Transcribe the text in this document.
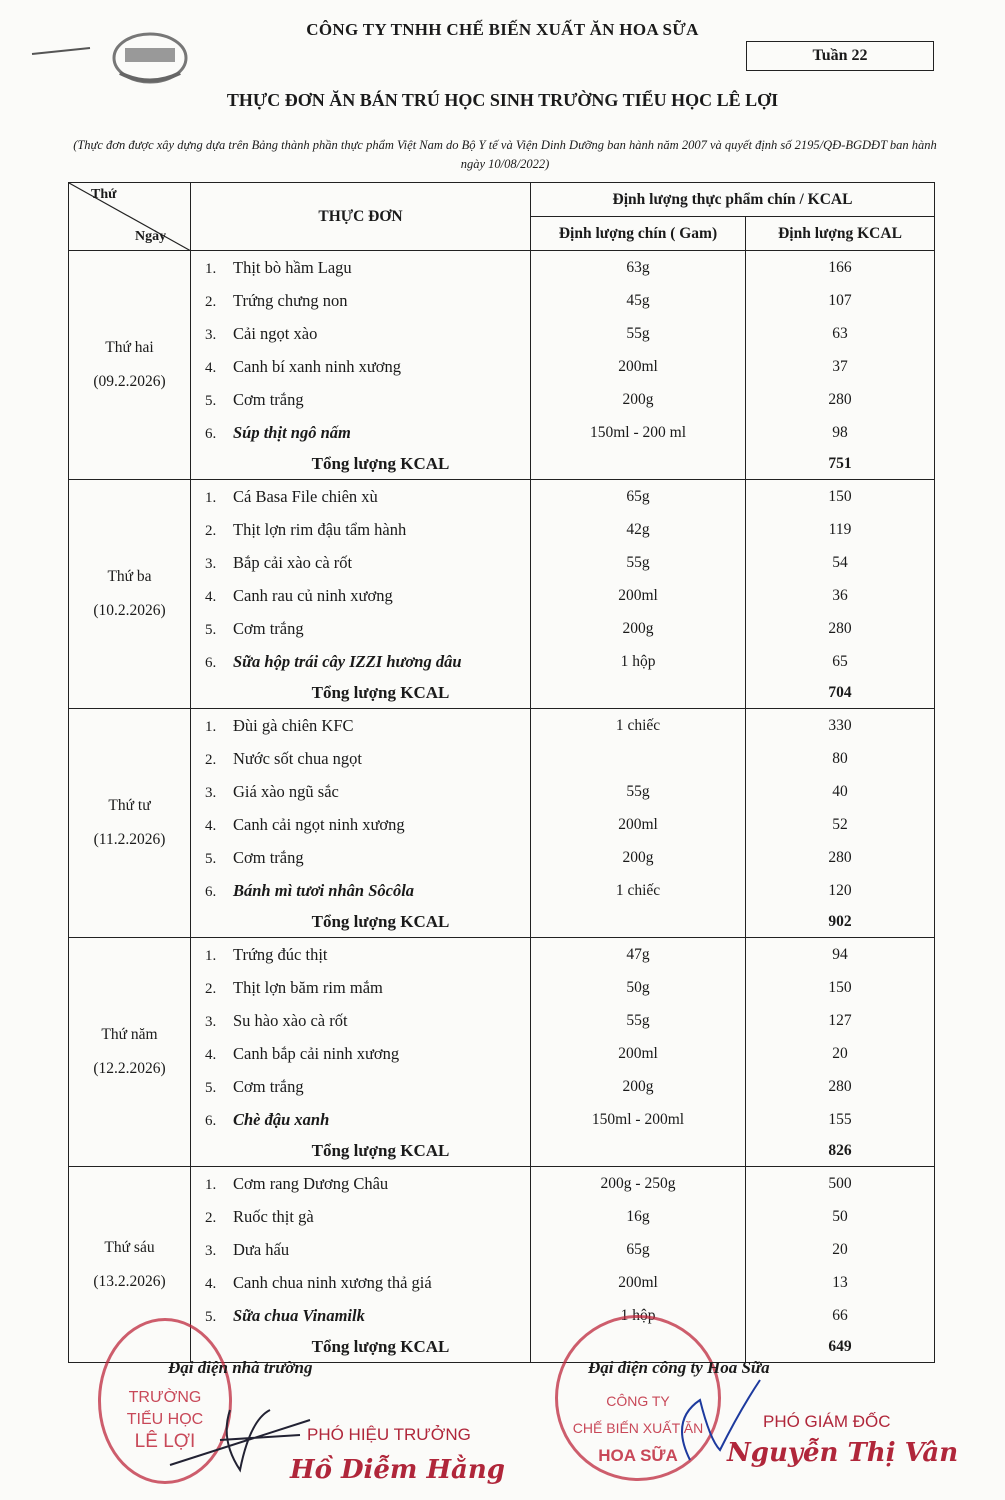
CÔNG TY TNHH CHẾ BIẾN XUẤT ĂN HOA SỮA
Tuần 22
THỰC ĐƠN ĂN BÁN TRÚ HỌC SINH TRƯỜNG TIỂU HỌC LÊ LỢI
(Thực đơn được xây dựng dựa trên Bảng thành phần thực phẩm Việt Nam do Bộ Y tế và Viện Dinh Dưỡng ban hành năm 2007 và quyết định số 2195/QĐ-BGDĐT ban hành ngày 10/08/2022)
Thứ
Ngày	THỰC ĐƠN	Định lượng thực phẩm chín / KCAL	
		Định lượng chín ( Gam)	Định lượng KCAL

Thứ hai
(09.2.2026)	1. Thịt bò hầm Lagu	63g	166
	2. Trứng chưng non	45g	107
	3. Cải ngọt xào	55g	63
	4. Canh bí xanh ninh xương	200ml	37
	5. Cơm trắng	200g	280
	6. Súp thịt ngô nấm	150ml - 200 ml	98
	Tổng lượng KCAL		751

Thứ ba
(10.2.2026)	1. Cá Basa File chiên xù	65g	150
	2. Thịt lợn rim đậu tẩm hành	42g	119
	3. Bắp cải xào cà rốt	55g	54
	4. Canh rau củ ninh xương	200ml	36
	5. Cơm trắng	200g	280
	6. Sữa hộp trái cây IZZI hương dâu	1 hộp	65
	Tổng lượng KCAL		704

Thứ tư
(11.2.2026)	1. Đùi gà chiên KFC	1 chiếc	330
	2. Nước sốt chua ngọt		80
	3. Giá xào ngũ sắc	55g	40
	4. Canh cải ngọt ninh xương	200ml	52
	5. Cơm trắng	200g	280
	6. Bánh mì tươi nhân Sôcôla	1 chiếc	120
	Tổng lượng KCAL		902

Thứ năm
(12.2.2026)	1. Trứng đúc thịt	47g	94
	2. Thịt lợn băm rim mắm	50g	150
	3. Su hào xào cà rốt	55g	127
	4. Canh bắp cải ninh xương	200ml	20
	5. Cơm trắng	200g	280
	6. Chè đậu xanh	150ml - 200ml	155
	Tổng lượng KCAL		826

Thứ sáu
(13.2.2026)	1. Cơm rang Dương Châu	200g - 250g	500
	2. Ruốc thịt gà	16g	50
	3. Dưa hấu	65g	20
	4. Canh chua ninh xương thả giá	200ml	13
	5. Sữa chua Vinamilk	1 hộp	66
	Tổng lượng KCAL		649
TRƯỜNG
TIỂU HỌC
LÊ LỢI
CÔNG TY
CHẾ BIẾN XUẤT ĂN
HOA SỮA
Đại diện nhà trường
PHÓ HIỆU TRƯỞNG
Hồ Diễm Hằng
Đại diện công ty Hoa Sữa
PHÓ GIÁM ĐỐC
Nguyễn Thị Vân
